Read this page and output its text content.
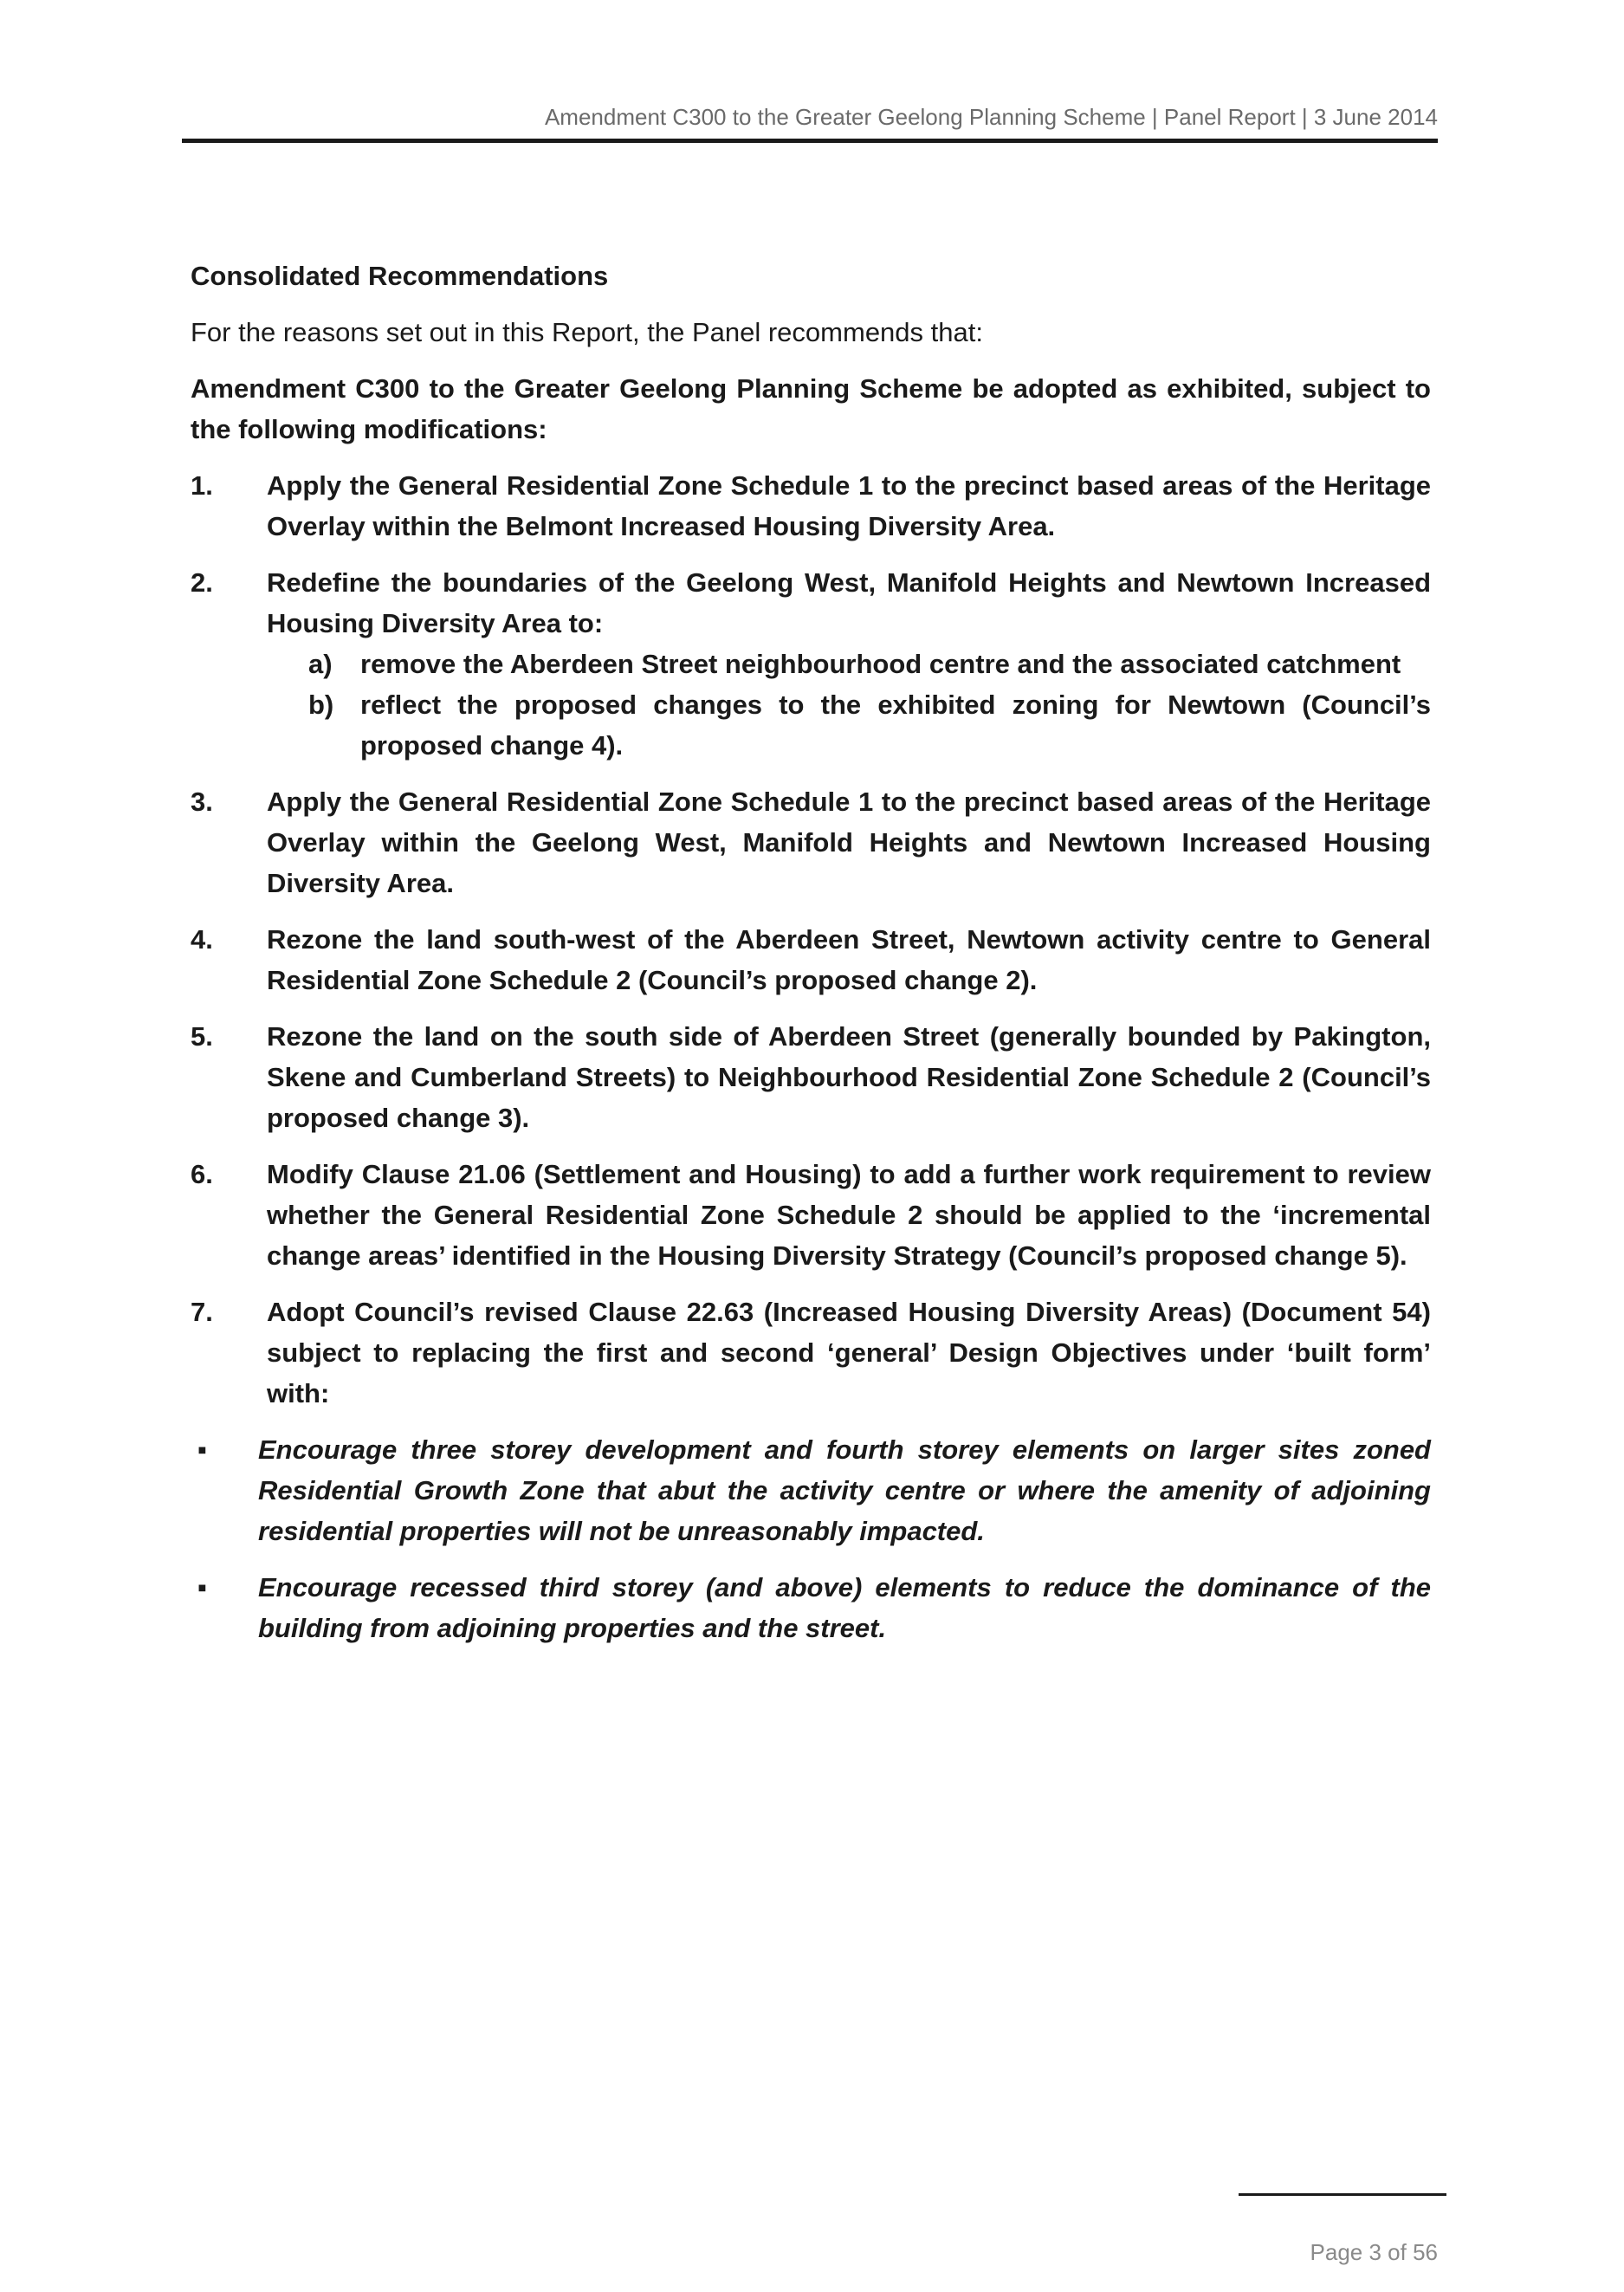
Amendment C300 to the Greater Geelong Planning Scheme | Panel Report | 3 June 2014
Consolidated Recommendations
For the reasons set out in this Report, the Panel recommends that:
Amendment C300 to the Greater Geelong Planning Scheme be adopted as exhibited, subject to the following modifications:
1. Apply the General Residential Zone Schedule 1 to the precinct based areas of the Heritage Overlay within the Belmont Increased Housing Diversity Area.
2. Redefine the boundaries of the Geelong West, Manifold Heights and Newtown Increased Housing Diversity Area to:
a) remove the Aberdeen Street neighbourhood centre and the associated catchment
b) reflect the proposed changes to the exhibited zoning for Newtown (Council’s proposed change 4).
3. Apply the General Residential Zone Schedule 1 to the precinct based areas of the Heritage Overlay within the Geelong West, Manifold Heights and Newtown Increased Housing Diversity Area.
4. Rezone the land south-west of the Aberdeen Street, Newtown activity centre to General Residential Zone Schedule 2 (Council’s proposed change 2).
5. Rezone the land on the south side of Aberdeen Street (generally bounded by Pakington, Skene and Cumberland Streets) to Neighbourhood Residential Zone Schedule 2 (Council’s proposed change 3).
6. Modify Clause 21.06 (Settlement and Housing) to add a further work requirement to review whether the General Residential Zone Schedule 2 should be applied to the ‘incremental change areas’ identified in the Housing Diversity Strategy (Council’s proposed change 5).
7. Adopt Council’s revised Clause 22.63 (Increased Housing Diversity Areas) (Document 54) subject to replacing the first and second ‘general’ Design Objectives under ‘built form’ with:
▪ Encourage three storey development and fourth storey elements on larger sites zoned Residential Growth Zone that abut the activity centre or where the amenity of adjoining residential properties will not be unreasonably impacted.
▪ Encourage recessed third storey (and above) elements to reduce the dominance of the building from adjoining properties and the street.
Page 3 of 56
